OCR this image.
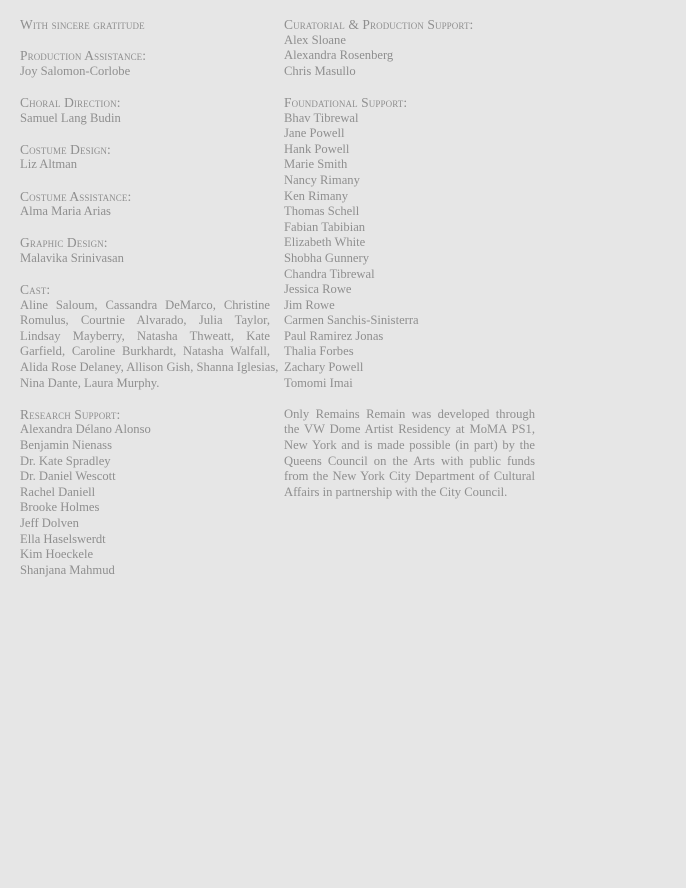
With sincere gratitude
Production Assistance:
Joy Salomon-Corlobe
Choral Direction:
Samuel Lang Budin
Costume Design:
Liz Altman
Costume Assistance:
Alma Maria Arias
Graphic Design:
Malavika Srinivasan
Cast:
Aline Saloum, Cassandra DeMarco, Christine
Romulus, Courtnie Alvarado, Julia Taylor,
Lindsay Mayberry, Natasha Thweatt, Kate
Garfield, Caroline Burkhardt, Natasha Walfall,
Alida Rose Delaney, Allison Gish, Shanna Iglesias,
Nina Dante, Laura Murphy.
Research Support:
Alexandra Délano Alonso
Benjamin Nienass
Dr. Kate Spradley
Dr. Daniel Wescott
Rachel Daniell
Brooke Holmes
Jeff Dolven
Ella Haselswerdt
Kim Hoeckele
Shanjana Mahmud
Curatorial & Production Support:
Alex Sloane
Alexandra Rosenberg
Chris Masullo
Foundational Support:
Bhav Tibrewal
Jane Powell
Hank Powell
Marie Smith
Nancy Rimany
Ken Rimany
Thomas Schell
Fabian Tabibian
Elizabeth White
Shobha Gunnery
Chandra Tibrewal
Jessica Rowe
Jim Rowe
Carmen Sanchis-Sinisterra
Paul Ramirez Jonas
Thalia Forbes
Zachary Powell
Tomomi Imai
Only Remains Remain was developed through
the VW Dome Artist Residency at MoMA PS1,
New York and is made possible (in part) by the
Queens Council on the Arts with public funds
from the New York City Department of Cultural
Affairs in partnership with the City Council.
